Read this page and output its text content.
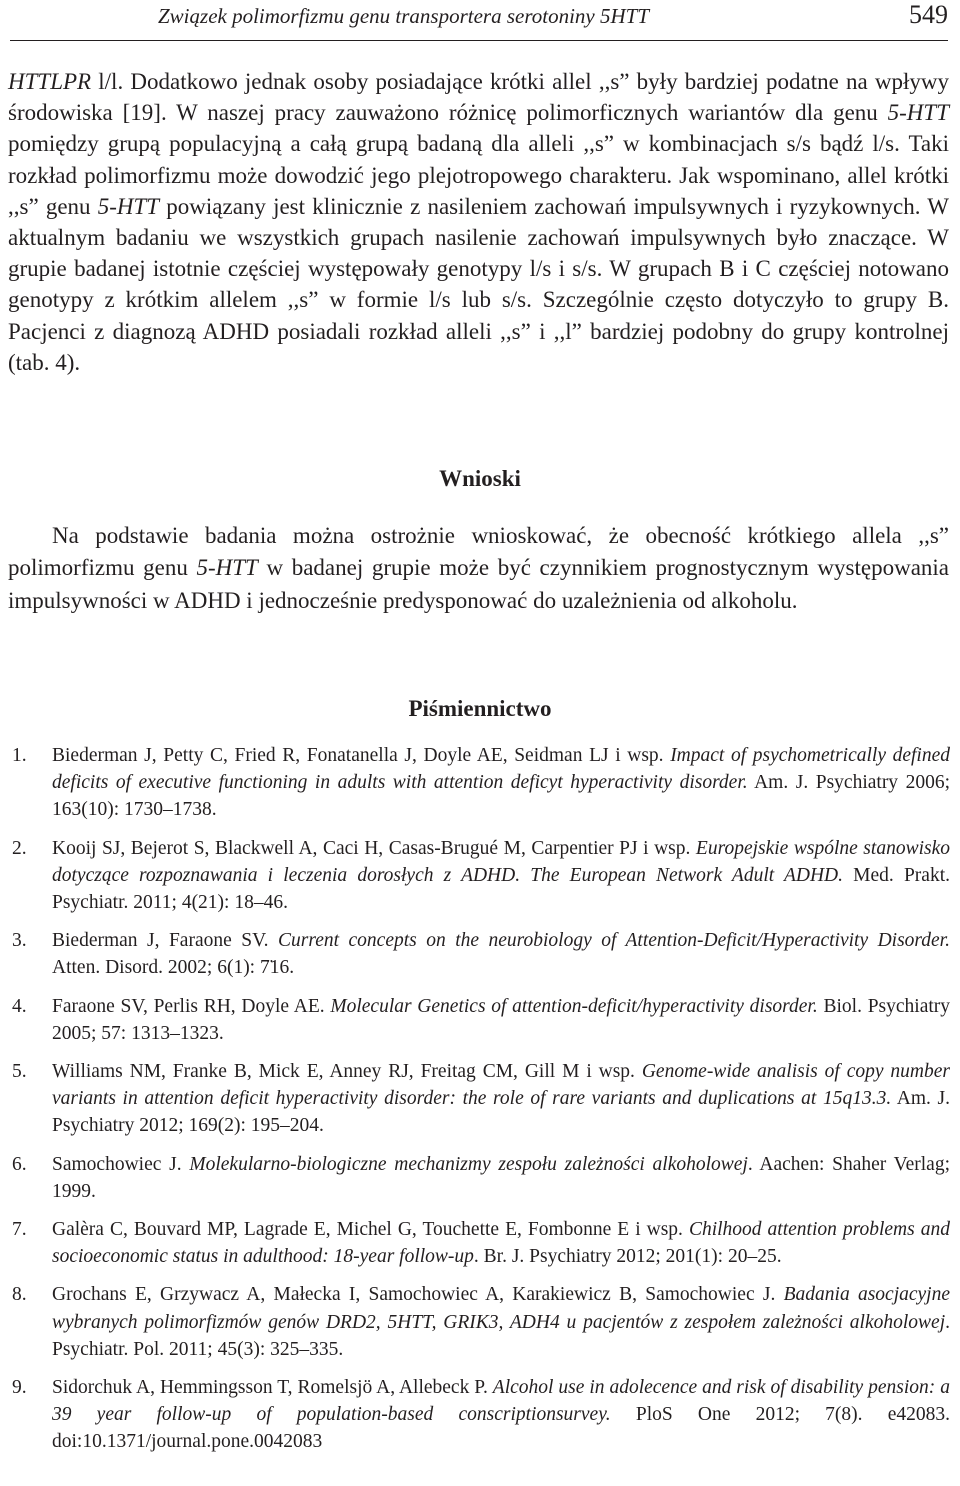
Związek polimorfizmu genu transportera serotoniny 5HTT	549

HTTLPR l/l. Dodatkowo jednak osoby posiadające krótki allel ,,s” były bardziej podatne na wpływy środowiska [19]. W naszej pracy zauważono różnicę polimorficznych wariantów dla genu 5-HTT pomiędzy grupą populacyjną a całą grupą badaną dla alleli ,,s” w kombinacjach s/s bądź l/s. Taki rozkład polimorfizmu może dowodzić jego plejotropowego charakteru. Jak wspominano, allel krótki ,,s” genu 5-HTT powiązany jest klinicznie z nasileniem zachowań impulsywnych i ryzykownych. W aktualnym badaniu we wszystkich grupach nasilenie zachowań impulsywnych było znaczące. W grupie badanej istotnie częściej występowały genotypy l/s i s/s. W grupach B i C częściej notowano genotypy z krótkim allelem ,,s” w formie l/s lub s/s. Szczególnie często dotyczyło to grupy B. Pacjenci z diagnozą ADHD posiadali rozkład alleli ,,s” i ,,l” bardziej podobny do grupy kontrolnej (tab. 4).

Wnioski

Na podstawie badania można ostrożnie wnioskować, że obecność krótkiego allela ,,s” polimorfizmu genu 5-HTT w badanej grupie może być czynnikiem prognostycznym występowania impulsywności w ADHD i jednocześnie predysponować do uzależnienia od alkoholu.

Piśmiennictwo
1. Biederman J, Petty C, Fried R, Fonatanella J, Doyle AE, Seidman LJ i wsp. Impact of psychometrically defined deficits of executive functioning in adults with attention deficyt hyperactivity disorder. Am. J. Psychiatry 2006; 163(10): 1730–1738.
2. Kooij SJ, Bejerot S, Blackwell A, Caci H, Casas-Brugué M, Carpentier PJ i wsp. Europejskie wspólne stanowisko dotyczące rozpoznawania i leczenia dorosłych z ADHD. The European Network Adult ADHD. Med. Prakt. Psychiatr. 2011; 4(21): 18–46.
3. Biederman J, Faraone SV. Current concepts on the neurobiology of Attention-Deficit/Hyperactivity Disorder. Atten. Disord. 2002; 6(1): 7̈16.
4. Faraone SV, Perlis RH, Doyle AE. Molecular Genetics of attention-deficit/hyperactivity disorder. Biol. Psychiatry 2005; 57: 1313–1323.
5. Williams NM, Franke B, Mick E, Anney RJ, Freitag CM, Gill M i wsp. Genome-wide analisis of copy number variants in attention deficit hyperactivity disorder: the role of rare variants and duplications at 15q13.3. Am. J. Psychiatry 2012; 169(2): 195–204.
6. Samochowiec J. Molekularno-biologiczne mechanizmy zespołu zależności alkoholowej. Aachen: Shaher Verlag; 1999.
7. Galèra C, Bouvard MP, Lagrade E, Michel G, Touchette E, Fombonne E i wsp. Chilhood attention problems and socioeconomic status in adulthood: 18-year follow-up. Br. J. Psychiatry 2012; 201(1): 20–25.
8. Grochans E, Grzywacz A, Małecka I, Samochowiec A, Karakiewicz B, Samochowiec J. Badania asocjacyjne wybranych polimorfizmów genów DRD2, 5HTT, GRIK3, ADH4 u pacjentów z zespołem zależności alkoholowej. Psychiatr. Pol. 2011; 45(3): 325–335.
9. Sidorchuk A, Hemmingsson T, Romelsjö A, Allebeck P. Alcohol use in adolecence and risk of disability pension: a 39 year follow-up of population-based conscriptionsurvey. PloS One 2012; 7(8). e42083. doi:10.1371/journal.pone.0042083
